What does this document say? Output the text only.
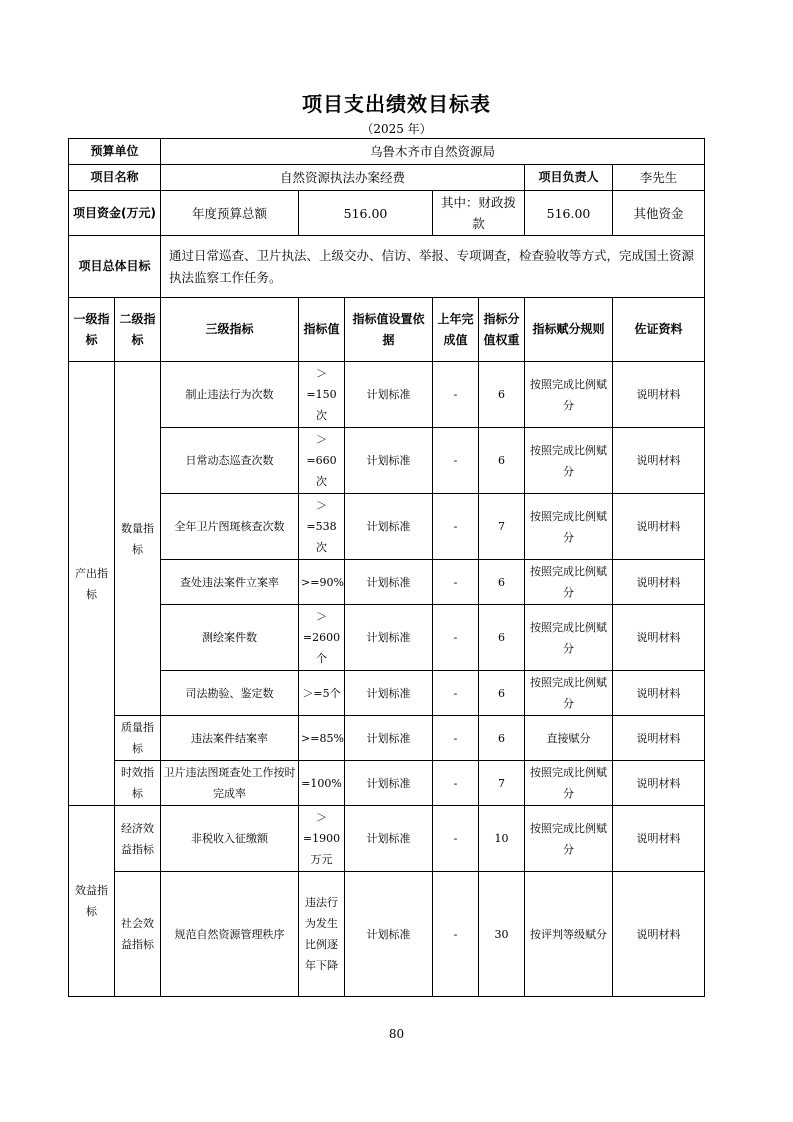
项目支出绩效目标表
（2025 年）
预算单位		乌鲁木齐市自然资源局						
项目名称		自然资源执法办案经费					项目负责人	李先生
项目资金(万元)		年度预算总额	516.00		其中：财政拨款		516.00	其他资金
项目总体目标		通过日常巡查、卫片执法、上级交办、信访、举报、专项调查，检查验收等方式，完成国土资源执法监察工作任务。						
一级指标	二级指标	三级指标	指标值	指标值设置依据	上年完成值	指标分值权重	指标赋分规则	佐证资料
产出指标	数量指标	制止违法行为次数	＞=150次	计划标准	-	6	按照完成比例赋分	说明材料
		日常动态巡查次数	＞=660次	计划标准	-	6	按照完成比例赋分	说明材料
		全年卫片图斑核查次数	＞=538次	计划标准	-	7	按照完成比例赋分	说明材料
		查处违法案件立案率	>=90%	计划标准	-	6	按照完成比例赋分	说明材料
		测绘案件数	＞=2600个	计划标准	-	6	按照完成比例赋分	说明材料
		司法勘验、鉴定数	＞=5个	计划标准	-	6	按照完成比例赋分	说明材料
	质量指标	违法案件结案率	>=85%	计划标准	-	6	直接赋分	说明材料
	时效指标	卫片违法图斑查处工作按时完成率	=100%	计划标准	-	7	按照完成比例赋分	说明材料
效益指标	经济效益指标	非税收入征缴额	＞=1900万元	计划标准	-	10	按照完成比例赋分	说明材料
	社会效益指标	规范自然资源管理秩序	违法行为发生比例逐年下降	计划标准	-	30	按评判等级赋分	说明材料
80
